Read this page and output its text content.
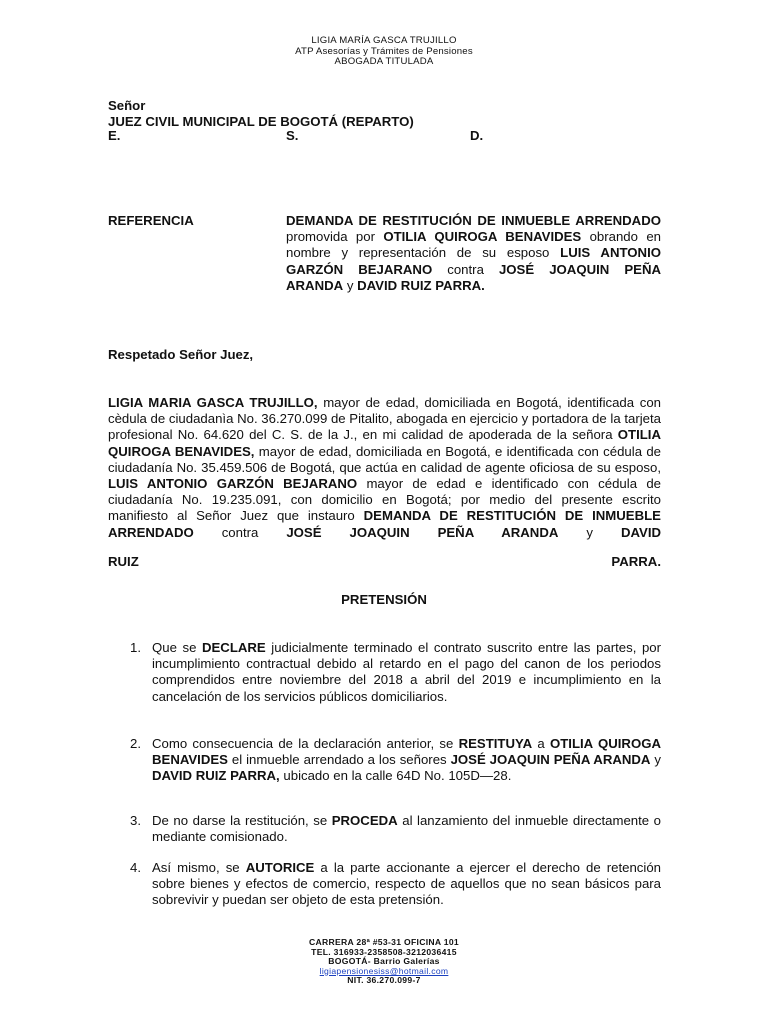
LIGIA MARÍA GASCA TRUJILLO
ATP Asesorías y Trámites de Pensiones
ABOGADA TITULADA
Señor
JUEZ CIVIL MUNICIPAL DE BOGOTÁ (REPARTO)
E.	S.	D.
REFERENCIA	DEMANDA DE RESTITUCIÓN DE INMUEBLE ARRENDADO promovida por OTILIA QUIROGA BENAVIDES obrando en nombre y representación de su esposo LUIS ANTONIO GARZÓN BEJARANO contra JOSÉ JOAQUIN PEÑA ARANDA y DAVID RUIZ PARRA.
Respetado Señor Juez,
LIGIA MARIA GASCA TRUJILLO, mayor de edad, domiciliada en Bogotá, identificada con cèdula de ciudadanìa No. 36.270.099 de Pitalito, abogada en ejercicio y portadora de la tarjeta profesional No. 64.620 del C. S. de la J., en mi calidad de apoderada de la señora OTILIA QUIROGA BENAVIDES, mayor de edad, domiciliada en Bogotá, e identificada con cédula de ciudadanía No. 35.459.506 de Bogotá, que actúa en calidad de agente oficiosa de su esposo, LUIS ANTONIO GARZÓN BEJARANO mayor de edad e identificado con cédula de ciudadanía No. 19.235.091, con domicilio en Bogotá; por medio del presente escrito manifiesto al Señor Juez que instauro DEMANDA DE RESTITUCIÓN DE INMUEBLE ARRENDADO contra JOSÉ JOAQUIN PEÑA ARANDA y DAVID
RUIZ	PARRA.
PRETENSIÓN
1. Que se DECLARE judicialmente terminado el contrato suscrito entre las partes, por incumplimiento contractual debido al retardo en el pago del canon de los periodos comprendidos entre noviembre del 2018 a abril del 2019 e incumplimiento en la cancelación de los servicios públicos domiciliarios.
2. Como consecuencia de la declaración anterior, se RESTITUYA a OTILIA QUIROGA BENAVIDES el inmueble arrendado a los señores JOSÉ JOAQUIN PEÑA ARANDA y DAVID RUIZ PARRA, ubicado en la calle 64D No. 105D—28.
3. De no darse la restitución, se PROCEDA al lanzamiento del inmueble directamente o mediante comisionado.
4. Así mismo, se AUTORICE a la parte accionante a ejercer el derecho de retención sobre bienes y efectos de comercio, respecto de aquellos que no sean básicos para sobrevivir y puedan ser objeto de esta pretensión.
CARRERA 28ª #53-31 OFICINA 101
TEL. 316933-2358508-3212036415
BOGOTÁ- Barrio Galerías
ligiapensionesiss@hotmail.com
NIT. 36.270.099-7
